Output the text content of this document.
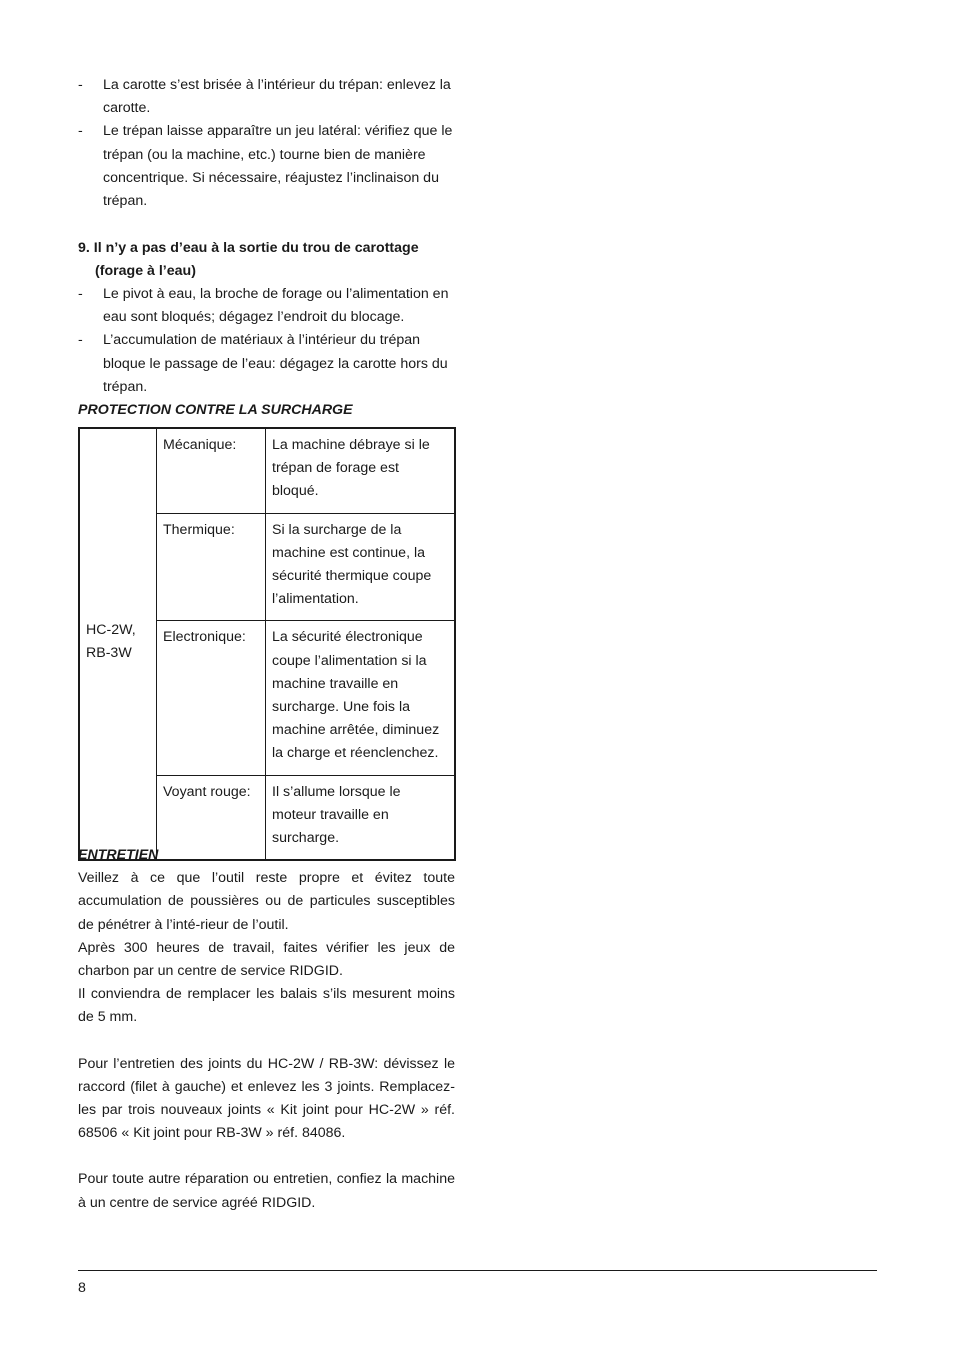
- La carotte s’est brisée à l’intérieur du trépan: enlevez la carotte.
- Le trépan laisse apparaître un jeu latéral: vérifiez que le trépan (ou la machine, etc.) tourne bien de manière concentrique. Si nécessaire, réajustez l’inclinaison du trépan.
9. Il n’y a pas d’eau à la sortie du trou de carottage
(forage à l’eau)
- Le pivot à eau, la broche de forage ou l’alimentation en eau sont bloqués; dégagez l’endroit du blocage.
- L’accumulation de matériaux à l’intérieur du trépan bloque le passage de l’eau: dégagez la carotte hors du trépan.
PROTECTION CONTRE LA SURCHARGE
HC-2W,
RB-3W	Mécanique:	La machine débraye si le trépan de forage est bloqué.
	Thermique:	Si la surcharge de la machine est continue, la sécurité thermique coupe l’alimentation.
	Electronique:	La sécurité électronique coupe l’alimentation si la machine travaille en surcharge. Une fois la machine arrêtée, diminuez la charge et réenclenchez.
	Voyant rouge:	Il s’allume lorsque le moteur travaille en surcharge.
ENTRETIEN

Veillez à ce que l’outil reste propre et évitez toute accumulation de poussières ou de particules susceptibles de pénétrer à l’inté-rieur de l’outil.

Après 300 heures de travail, faites vérifier les jeux de charbon par un centre de service RIDGID.

Il conviendra de remplacer les balais s’ils mesurent moins de 5 mm.

Pour l’entretien des joints du HC-2W / RB-3W: dévissez le raccord (filet à gauche) et enlevez les 3 joints. Remplacez-les par trois nouveaux joints « Kit joint pour HC-2W » réf. 68506 « Kit joint pour RB-3W » réf. 84086.

Pour toute autre réparation ou entretien, confiez la machine à un centre de service agréé RIDGID.

8
